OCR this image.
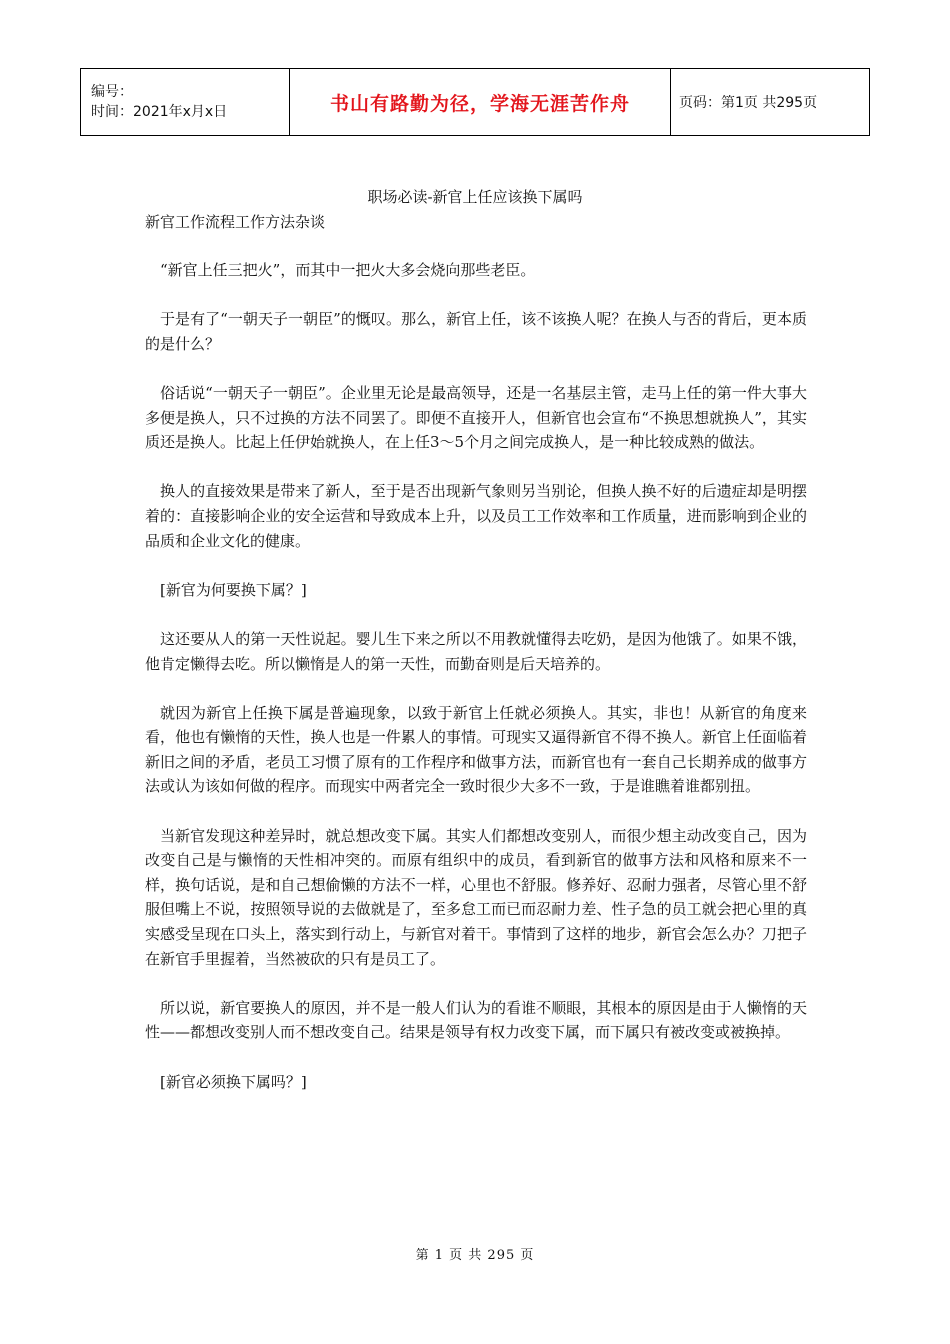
编号：
时间：2021年x月x日	书山有路勤为径，学海无涯苦作舟	页码：第1页 共295页
职场必读-新官上任应该换下属吗
新官工作流程工作方法杂谈

“新官上任三把火”，而其中一把火大多会烧向那些老臣。

于是有了“一朝天子一朝臣”的慨叹。那么，新官上任，该不该换人呢？在换人与否的背后，更本质的是什么？

俗话说“一朝天子一朝臣”。企业里无论是最高领导，还是一名基层主管，走马上任的第一件大事大多便是换人，只不过换的方法不同罢了。即便不直接开人，但新官也会宣布“不换思想就换人”，其实质还是换人。比起上任伊始就换人，在上任3～5个月之间完成换人，是一种比较成熟的做法。

换人的直接效果是带来了新人，至于是否出现新气象则另当别论，但换人换不好的后遗症却是明摆着的：直接影响企业的安全运营和导致成本上升，以及员工工作效率和工作质量，进而影响到企业的品质和企业文化的健康。

[新官为何要换下属？]

这还要从人的第一天性说起。婴儿生下来之所以不用教就懂得去吃奶，是因为他饿了。如果不饿，他肯定懒得去吃。所以懒惰是人的第一天性，而勤奋则是后天培养的。

就因为新官上任换下属是普遍现象，以致于新官上任就必须换人。其实，非也！从新官的角度来看，他也有懒惰的天性，换人也是一件累人的事情。可现实又逼得新官不得不换人。新官上任面临着新旧之间的矛盾，老员工习惯了原有的工作程序和做事方法，而新官也有一套自己长期养成的做事方法或认为该如何做的程序。而现实中两者完全一致时很少大多不一致，于是谁瞧着谁都别扭。

当新官发现这种差异时，就总想改变下属。其实人们都想改变别人，而很少想主动改变自己，因为改变自己是与懒惰的天性相冲突的。而原有组织中的成员，看到新官的做事方法和风格和原来不一样，换句话说，是和自己想偷懒的方法不一样，心里也不舒服。修养好、忍耐力强者，尽管心里不舒服但嘴上不说，按照领导说的去做就是了，至多怠工而已而忍耐力差、性子急的员工就会把心里的真实感受呈现在口头上，落实到行动上，与新官对着干。事情到了这样的地步，新官会怎么办？刀把子在新官手里握着，当然被砍的只有是员工了。

所以说，新官要换人的原因，并不是一般人们认为的看谁不顺眼，其根本的原因是由于人懒惰的天性——都想改变别人而不想改变自己。结果是领导有权力改变下属，而下属只有被改变或被换掉。

[新官必须换下属吗？]

第 1 页 共 295 页
